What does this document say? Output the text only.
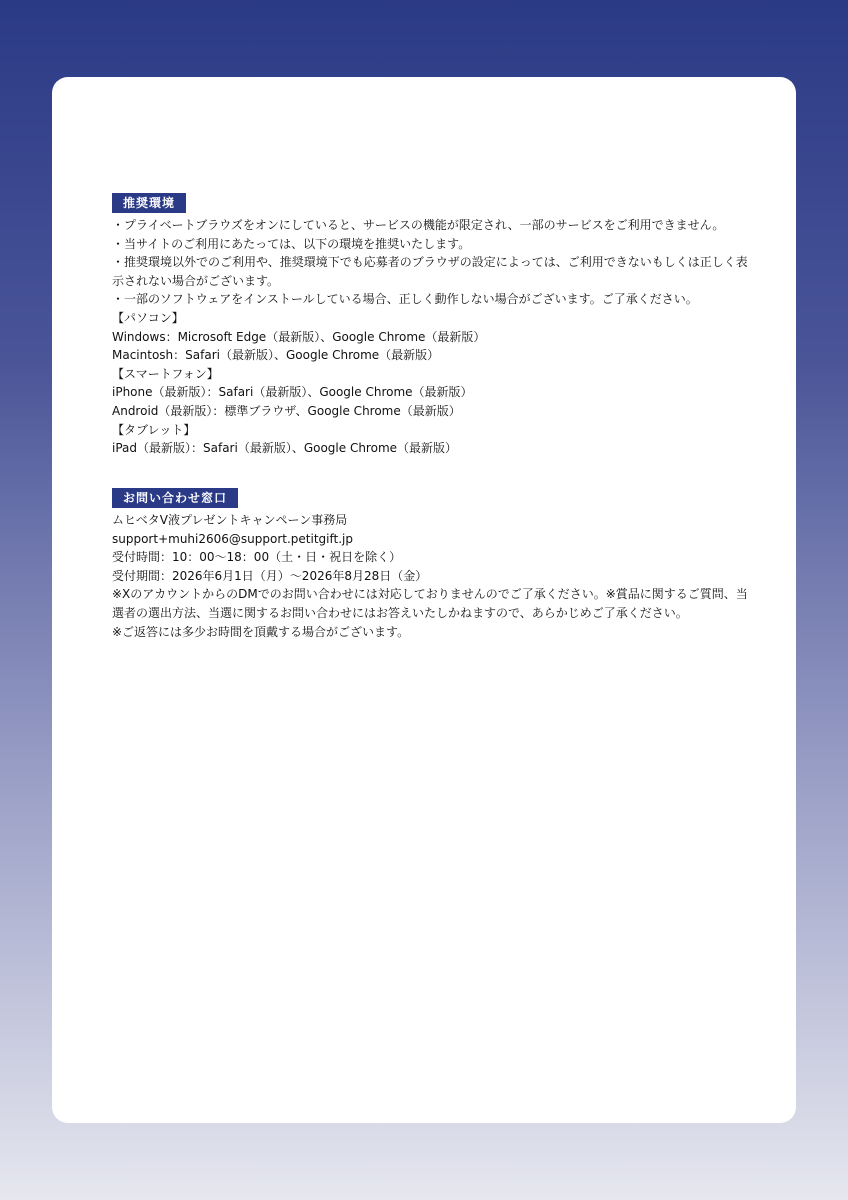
推奨環境
・プライベートブラウズをオンにしていると、サービスの機能が限定され、一部のサービスをご利用できません。
・当サイトのご利用にあたっては、以下の環境を推奨いたします。
・推奨環境以外でのご利用や、推奨環境下でも応募者のブラウザの設定によっては、ご利用できないもしくは正しく表示されない場合がございます。
・一部のソフトウェアをインストールしている場合、正しく動作しない場合がございます。ご了承ください。
【パソコン】
Windows：Microsoft Edge（最新版）、Google Chrome（最新版）
Macintosh：Safari（最新版）、Google Chrome（最新版）
【スマートフォン】
iPhone（最新版）：Safari（最新版）、Google Chrome（最新版）
Android（最新版）：標準ブラウザ、Google Chrome（最新版）
【タブレット】
iPad（最新版）：Safari（最新版）、Google Chrome（最新版）
お問い合わせ窓口
ムヒベタV液プレゼントキャンペーン事務局
support+muhi2606@support.petitgift.jp
受付時間：10：00〜18：00（土・日・祝日を除く）
受付期間：2026年6月1日（月）〜2026年8月28日（金）
※XのアカウントからのDMでのお問い合わせには対応しておりませんのでご了承ください。※賞品に関するご質問、当選者の選出方法、当選に関するお問い合わせにはお答えいたしかねますので、あらかじめご了承ください。
※ご返答には多少お時間を頂戴する場合がございます。
